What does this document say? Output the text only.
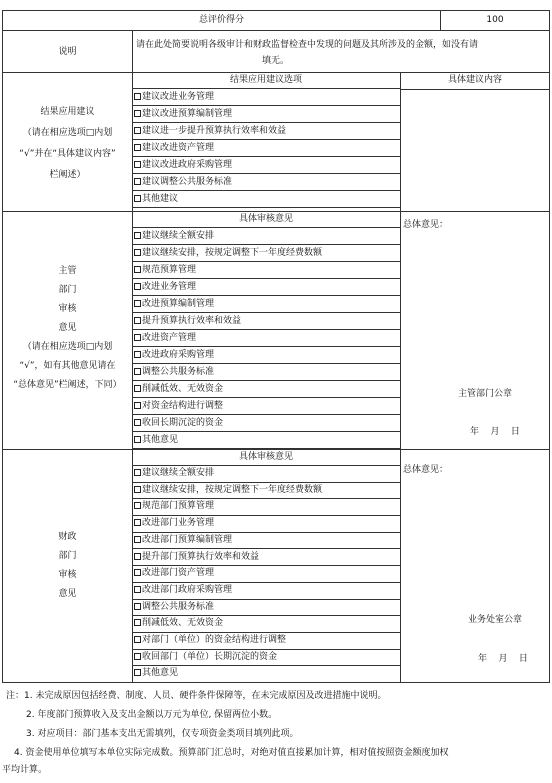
总评价得分	100
说明
请在此处简要说明各级审计和财政监督检查中发现的问题及其所涉及的金额，如没有请
填无。
结果应用建议
（请在相应选项□内划
“√”并在“具体建议内容”
栏阐述）
结果应用建议选项	具体建议内容
建议改进业务管理
建议改进预算编制管理
建议进一步提升预算执行效率和效益
建议改进资产管理
建议改进政府采购管理
建议调整公共服务标准
其他建议
主管
部门
审核
意见
（请在相应选项□内划
“√”，如有其他意见请在
“总体意见”栏阐述，下同）
具体审核意见
总体意见：
主管部门公章
年    月    日
建议继续全额安排
建议继续安排，按规定调整下一年度经费数额
规范预算管理
改进业务管理
改进预算编制管理
提升预算执行效率和效益
改进资产管理
改进政府采购管理
调整公共服务标准
削减低效、无效资金
对资金结构进行调整
收回长期沉淀的资金
其他意见
财政
部门
审核
意见
具体审核意见
总体意见：
业务处室公章
年    月    日
建议继续全额安排
建议继续安排，按规定调整下一年度经费数额
规范部门预算管理
改进部门业务管理
改进部门预算编制管理
提升部门预算执行效率和效益
改进部门资产管理
改进部门政府采购管理
调整公共服务标准
削减低效、无效资金
对部门（单位）的资金结构进行调整
收回部门（单位）长期沉淀的资金
其他意见
注：1. 未完成原因包括经费、制度、人员、硬件条件保障等，在未完成原因及改进措施中说明。
2. 年度部门预算收入及支出金额以万元为单位, 保留两位小数。
3. 对应项目：部门基本支出无需填列，仅专项资金类项目填列此项。
4. 资金使用单位填写本单位实际完成数。预算部门汇总时，对绝对值直接累加计算，相对值按照资金额度加权
平均计算。
